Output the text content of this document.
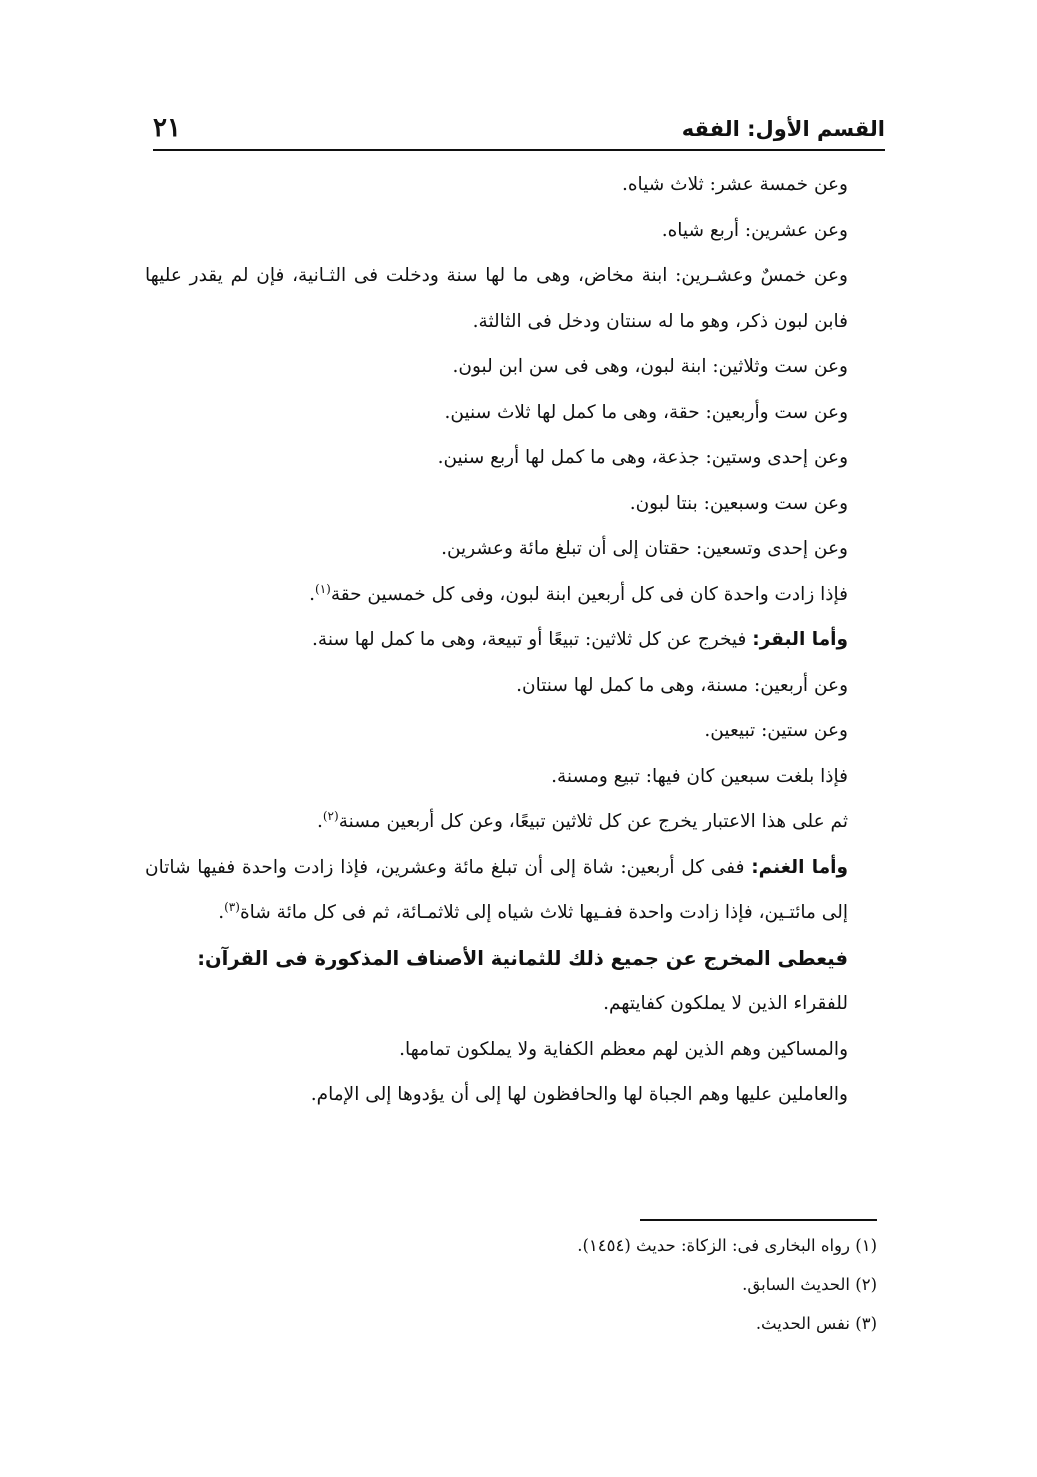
القسم الأول: الفقه
٢١

وعن خمسة عشر: ثلاث شياه.

وعن عشرين: أربع شياه.

وعن خمسٌ وعشـرين: ابنة مخاض، وهى ما لها سنة ودخلت فى الثـانية، فإن لم يقدر عليها فابن لبون ذكر، وهو ما له سنتان ودخل فى الثالثة.

وعن ست وثلاثين: ابنة لبون، وهى فى سن ابن لبون.

وعن ست وأربعين: حقة، وهى ما كمل لها ثلاث سنين.

وعن إحدى وستين: جذعة، وهى ما كمل لها أربع سنين.

وعن ست وسبعين: بنتا لبون.

وعن إحدى وتسعين: حقتان إلى أن تبلغ مائة وعشرين.

فإذا زادت واحدة كان فى كل أربعين ابنة لبون، وفى كل خمسين حقة$^{(١)}$.

وأما البقر: فيخرج عن كل ثلاثين: تبيعًا أو تبيعة، وهى ما كمل لها سنة.

وعن أربعين: مسنة، وهى ما كمل لها سنتان.

وعن ستين: تبيعين.

فإذا بلغت سبعين كان فيها: تبيع ومسنة.

ثم على هذا الاعتبار يخرج عن كل ثلاثين تبيعًا، وعن كل أربعين مسنة$^{(٢)}$.

وأما الغنم: ففى كل أربعين: شاة إلى أن تبلغ مائة وعشرين، فإذا زادت واحدة ففيها شاتان إلى مائتـين، فإذا زادت واحدة ففـيها ثلاث شياه إلى ثلاثمـائة، ثم فى كل مائة شاة$^{(٣)}$.

فيعطى المخرج عن جميع ذلك للثمانية الأصناف المذكورة فى القرآن:

للفقراء الذين لا يملكون كفايتهم.

والمساكين وهم الذين لهم معظم الكفاية ولا يملكون تمامها.

والعاملين عليها وهم الجباة لها والحافظون لها إلى أن يؤدوها إلى الإمام.

(١) رواه البخارى فى: الزكاة: حديث (١٤٥٤).

(٢) الحديث السابق.

(٣) نفس الحديث.
